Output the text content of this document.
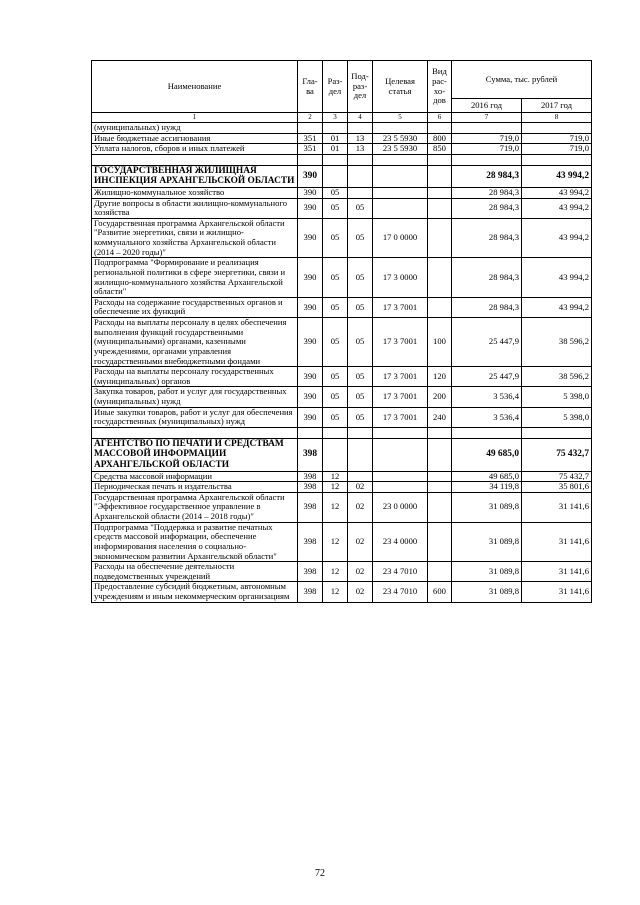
Наименование	Гла-ва	Раз-дел	Под-раз-дел	Целевая статья	Вид рас-хо-дов	Сумма, тыс. рублей	
						2016 год	2017 год
1	2	3	4	5	6	7	8
(муниципальных) нужд							
Иные бюджетные ассигнования	351	01	13	23 5 5930	800	719,0	719,0
Уплата налогов, сборов и иных платежей	351	01	13	23 5 5930	850	719,0	719,0

ГОСУДАРСТВЕННАЯ ЖИЛИЩНАЯ ИНСПЕКЦИЯ АРХАНГЕЛЬСКОЙ ОБЛАСТИ	390					28 984,3	43 994,2
Жилищно-коммунальное хозяйство	390	05				28 984,3	43 994,2
Другие вопросы в области жилищно-коммунального хозяйства	390	05	05			28 984,3	43 994,2
Государственная программа Архангельской области "Развитие энергетики, связи и жилищно-коммунального хозяйства Архангельской области (2014 – 2020 годы)"	390	05	05	17 0 0000		28 984,3	43 994,2
Подпрограмма "Формирование и реализация региональной политики в сфере энергетики, связи и жилищно-коммунального хозяйства Архангельской области"	390	05	05	17 3 0000		28 984,3	43 994,2
Расходы на содержание государственных органов и обеспечение их функций	390	05	05	17 3 7001		28 984,3	43 994,2
Расходы на выплаты персоналу в целях обеспечения выполнения функций государственными (муниципальными) органами, казенными учреждениями, органами управления государственными внебюджетными фондами	390	05	05	17 3 7001	100	25 447,9	38 596,2
Расходы на выплаты персоналу государственных (муниципальных) органов	390	05	05	17 3 7001	120	25 447,9	38 596,2
Закупка товаров, работ и услуг для государственных (муниципальных) нужд	390	05	05	17 3 7001	200	3 536,4	5 398,0
Иные закупки товаров, работ и услуг для обеспечения государственных (муниципальных) нужд	390	05	05	17 3 7001	240	3 536,4	5 398,0

АГЕНТСТВО ПО ПЕЧАТИ И СРЕДСТВАМ МАССОВОЙ ИНФОРМАЦИИ АРХАНГЕЛЬСКОЙ ОБЛАСТИ	398					49 685,0	75 432,7
Средства массовой информации	398	12				49 685,0	75 432,7
Периодическая печать и издательства	398	12	02			34 119,8	35 801,6
Государственная программа Архангельской области "Эффективное государственное управление в Архангельской области (2014 – 2018 годы)"	398	12	02	23 0 0000		31 089,8	31 141,6
Подпрограмма "Поддержка и развитие печатных средств массовой информации, обеспечение информирования населения о социально-экономическом развитии Архангельской области"	398	12	02	23 4 0000		31 089,8	31 141,6
Расходы на обеспечение деятельности подведомственных учреждений	398	12	02	23 4 7010		31 089,8	31 141,6
Предоставление субсидий бюджетным, автономным учреждениям и иным некоммерческим организациям	398	12	02	23 4 7010	600	31 089,8	31 141,6
72
